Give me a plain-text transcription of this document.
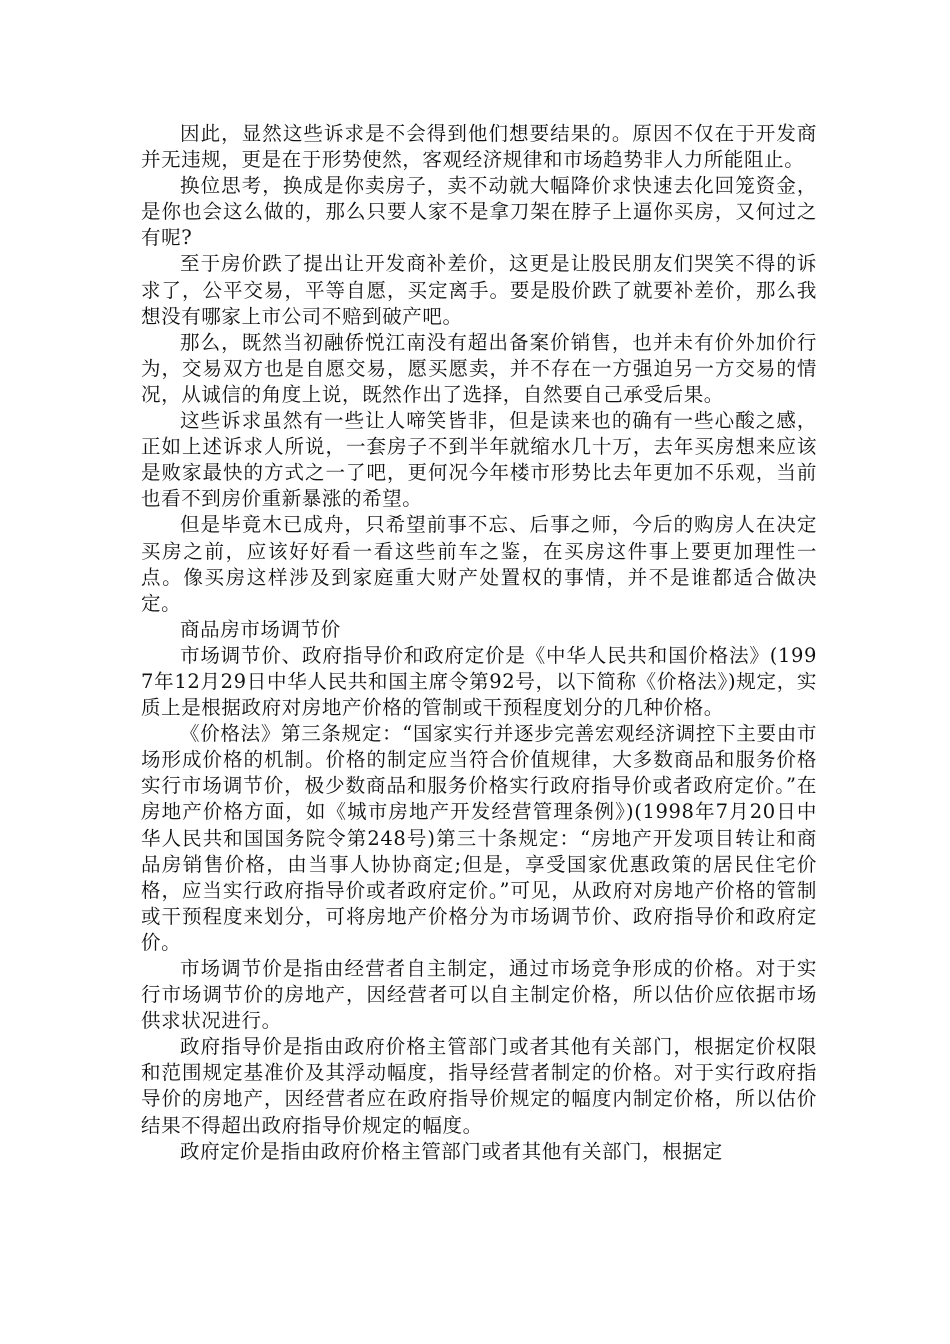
因此，显然这些诉求是不会得到他们想要结果的。原因不仅在于开发商并无违规，更是在于形势使然，客观经济规律和市场趋势非人力所能阻止。

换位思考，换成是你卖房子，卖不动就大幅降价求快速去化回笼资金，是你也会这么做的，那么只要人家不是拿刀架在脖子上逼你买房，又何过之有呢?

至于房价跌了提出让开发商补差价，这更是让股民朋友们哭笑不得的诉求了，公平交易，平等自愿，买定离手。要是股价跌了就要补差价，那么我想没有哪家上市公司不赔到破产吧。

那么，既然当初融侨悦江南没有超出备案价销售，也并未有价外加价行为，交易双方也是自愿交易，愿买愿卖，并不存在一方强迫另一方交易的情况，从诚信的角度上说，既然作出了选择，自然要自己承受后果。

这些诉求虽然有一些让人啼笑皆非，但是读来也的确有一些心酸之感，正如上述诉求人所说，一套房子不到半年就缩水几十万，去年买房想来应该是败家最快的方式之一了吧，更何况今年楼市形势比去年更加不乐观，当前也看不到房价重新暴涨的希望。

但是毕竟木已成舟，只希望前事不忘、后事之师，今后的购房人在决定买房之前，应该好好看一看这些前车之鉴，在买房这件事上要更加理性一点。像买房这样涉及到家庭重大财产处置权的事情，并不是谁都适合做决定。

商品房市场调节价

市场调节价、政府指导价和政府定价是《中华人民共和国价格法》(1997年12月29日中华人民共和国主席令第92号，以下简称《价格法》)规定，实质上是根据政府对房地产价格的管制或干预程度划分的几种价格。

《价格法》第三条规定：“国家实行并逐步完善宏观经济调控下主要由市场形成价格的机制。价格的制定应当符合价值规律，大多数商品和服务价格实行市场调节价，极少数商品和服务价格实行政府指导价或者政府定价。”在房地产价格方面，如《城市房地产开发经营管理条例》)(1998年7月20日中华人民共和国国务院令第248号)第三十条规定：“房地产开发项目转让和商品房销售价格，由当事人协协商定;但是，享受国家优惠政策的居民住宅价格，应当实行政府指导价或者政府定价。”可见，从政府对房地产价格的管制或干预程度来划分，可将房地产价格分为市场调节价、政府指导价和政府定价。

市场调节价是指由经营者自主制定，通过市场竞争形成的价格。对于实行市场调节价的房地产，因经营者可以自主制定价格，所以估价应依据市场供求状况进行。

政府指导价是指由政府价格主管部门或者其他有关部门，根据定价权限和范围规定基准价及其浮动幅度，指导经营者制定的价格。对于实行政府指导价的房地产，因经营者应在政府指导价规定的幅度内制定价格，所以估价结果不得超出政府指导价规定的幅度。

政府定价是指由政府价格主管部门或者其他有关部门，根据定
